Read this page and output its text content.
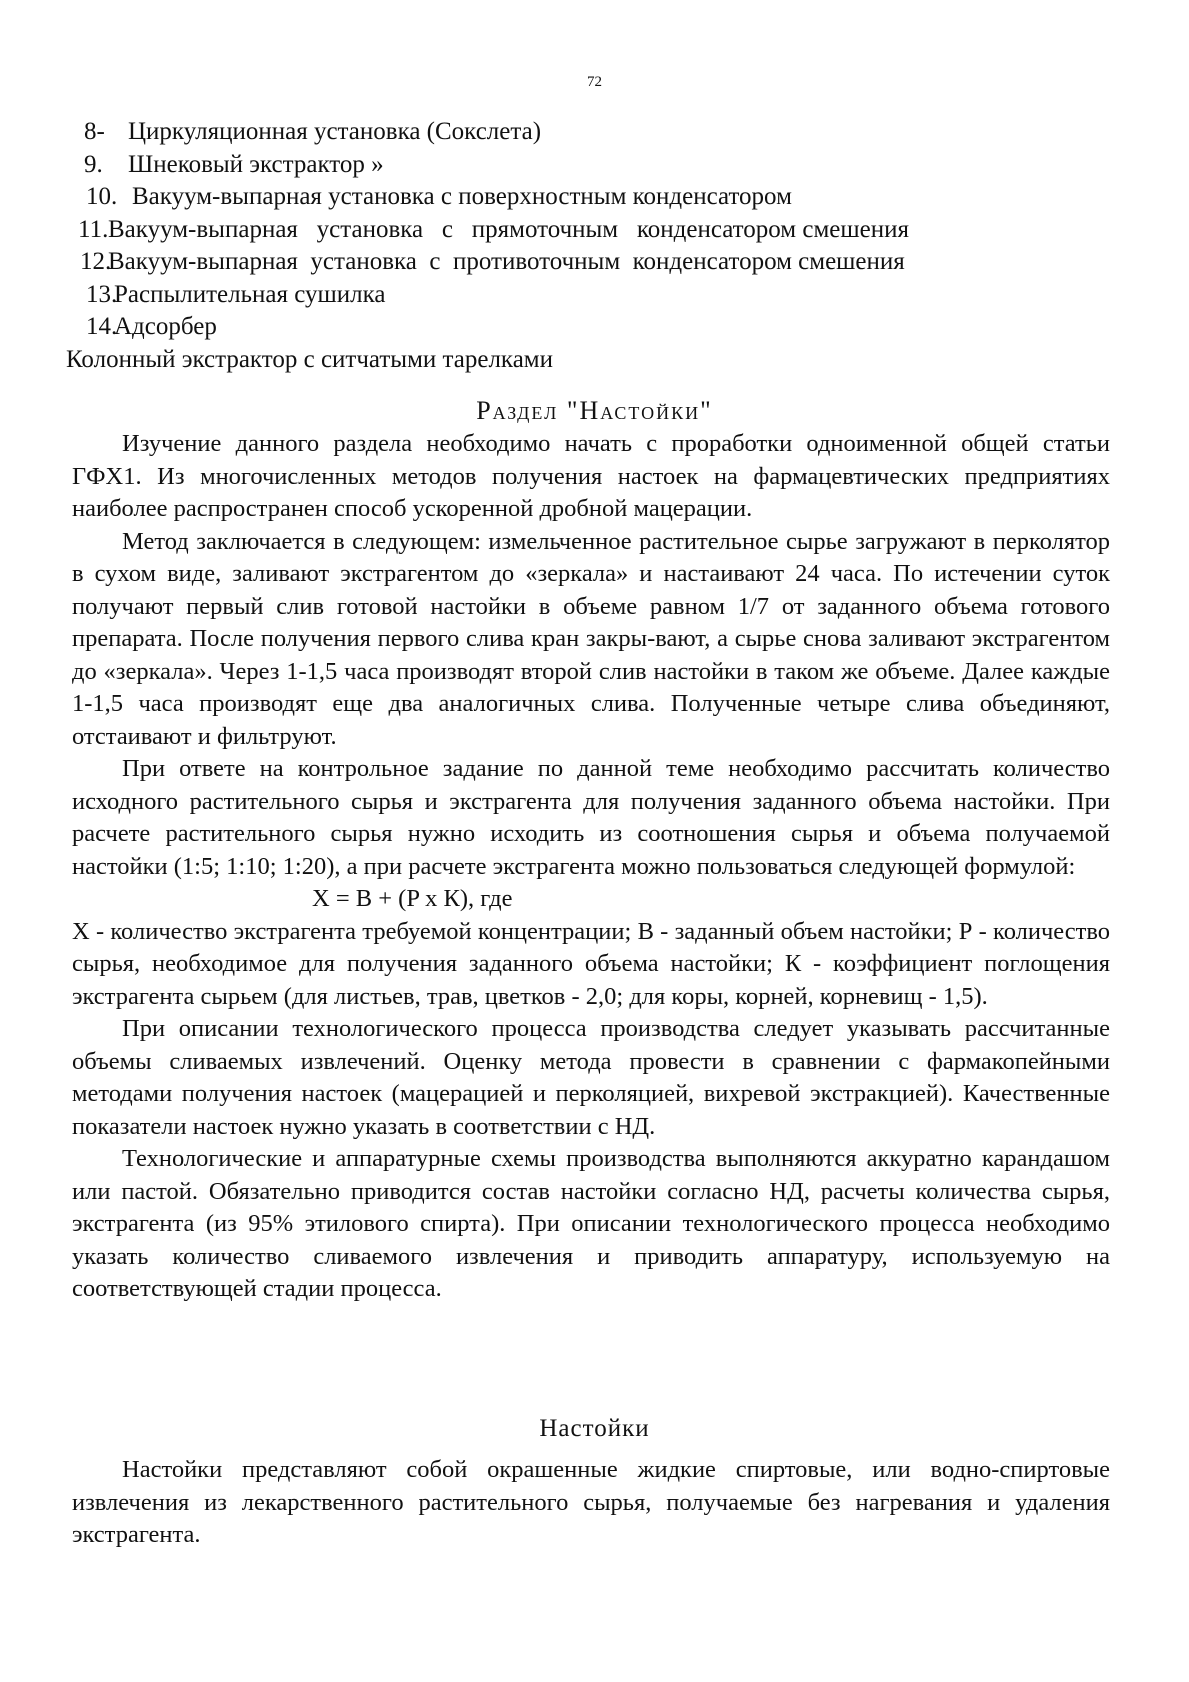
72
8- Циркуляционная установка (Сокслета)
9. Шнековый экстрактор »
10. Вакуум-выпарная установка с поверхностным конденсатором
11.Вакуум-выпарная   установка   с   прямоточным   конденсатором смешения
12.Вакуум-выпарная  установка  с  противоточным  конденсатором смешения
13.Распылительная сушилка
14.Адсорбер
Колонный экстрактор с ситчатыми тарелками
Раздел "Настойки"

Изучение данного раздела необходимо начать с проработки одноименной общей статьи ГФХ1. Из многочисленных методов получения настоек на фармацевтических предприятиях наиболее распространен способ ускоренной дробной мацерации.

Метод заключается в следующем: измельченное растительное сырье загружают в перколятор в сухом виде, заливают экстрагентом до «зеркала» и настаивают 24 часа. По истечении суток получают первый слив готовой настойки в объеме равном 1/7 от заданного объема готового препарата. После получения первого слива кран закры-вают, а сырье снова заливают экстрагентом до «зеркала». Через 1-1,5 часа производят второй слив настойки в таком же объеме. Далее каждые 1-1,5 часа производят еще два аналогичных слива. Полученные четыре слива объединяют, отстаивают и фильтруют.

При ответе на контрольное задание по данной теме необходимо рассчитать количество исходного растительного сырья и экстрагента для получения заданного объема настойки. При расчете растительного сырья нужно исходить из соотношения сырья и объема получаемой настойки (1:5; 1:10; 1:20), а при расчете экстрагента можно пользоваться следующей формулой:

X = B + (P х К), где

X - количество экстрагента требуемой концентрации; В - заданный объем настойки; Р - количество сырья, необходимое для получения заданного объема настойки; К - коэффициент поглощения экстрагента сырьем (для листьев, трав, цветков - 2,0; для коры, корней, корневищ - 1,5).

При описании технологического процесса производства следует указывать рассчитанные объемы сливаемых извлечений. Оценку метода провести в сравнении с фармакопейными методами получения настоек (мацерацией и перколяцией, вихревой экстракцией). Качественные показатели настоек нужно указать в соответствии с НД.

Технологические и аппаратурные схемы производства выполняются аккуратно карандашом или пастой. Обязательно приводится состав настойки согласно НД, расчеты количества сырья, экстрагента (из 95% этилового спирта). При описании технологического процесса необходимо указать количество сливаемого извлечения и приводить аппаратуру, используемую на соответствующей стадии процесса.

Настойки

Настойки представляют собой окрашенные жидкие спиртовые, или водно-спиртовые извлечения из лекарственного растительного сырья, получаемые без нагревания и удаления экстрагента.
